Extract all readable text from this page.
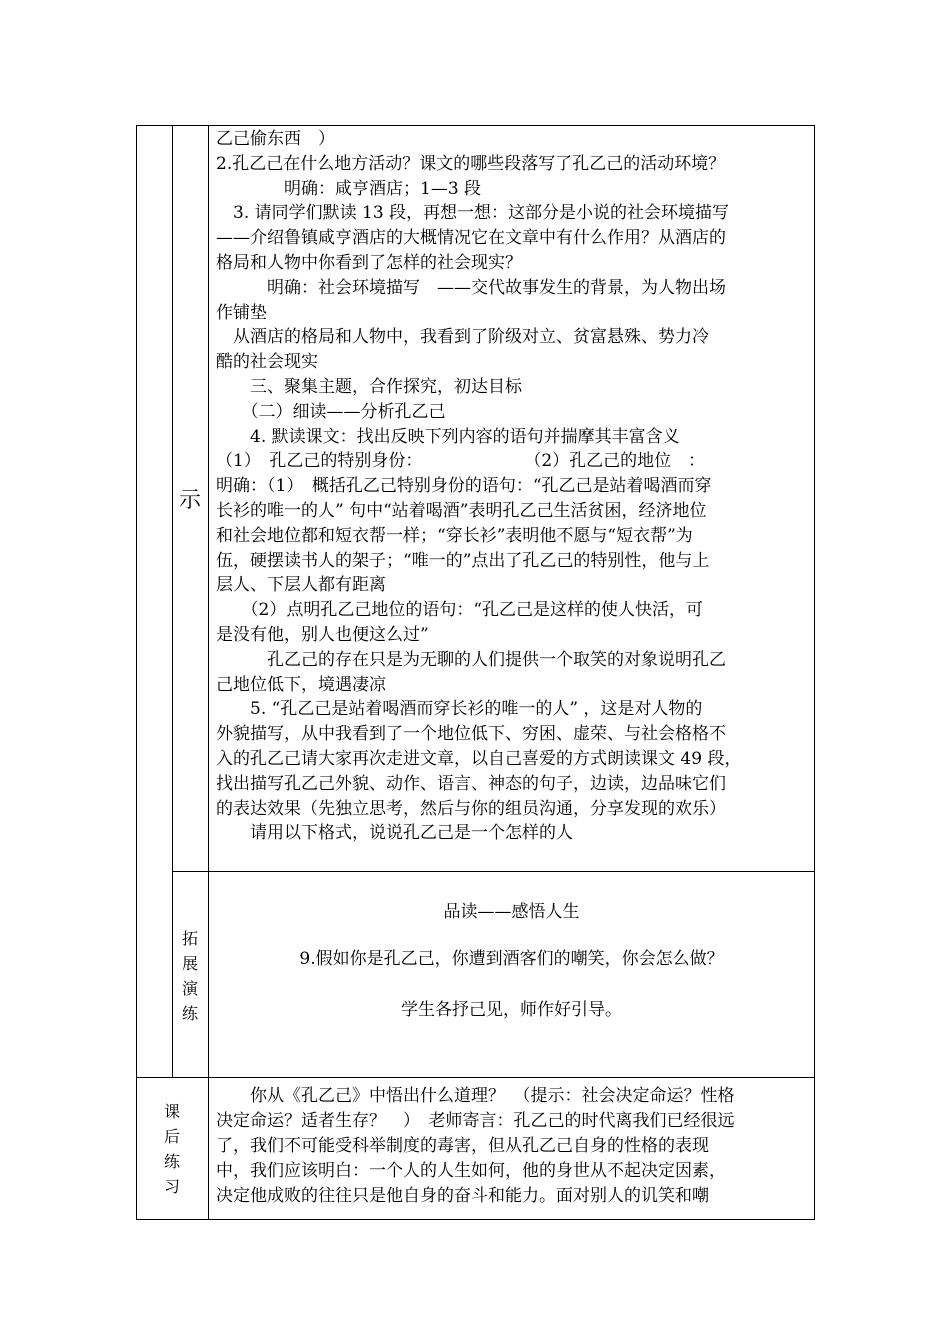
示
乙己偷东西　）
2.孔乙己在什么地方活动？课文的哪些段落写了孔乙己的活动环境？
　　　　明确：咸亨酒店；1—3 段
　3. 请同学们默读 13 段，再想一想：这部分是小说的社会环境描写
——介绍鲁镇咸亨酒店的大概情况它在文章中有什么作用？从酒店的
格局和人物中你看到了怎样的社会现实？
　　　明确：社会环境描写　——交代故事发生的背景，为人物出场
作铺垫
　从酒店的格局和人物中，我看到了阶级对立、贫富悬殊、势力冷
酷的社会现实
　　三、聚集主题，合作探究，初达目标
　　（二）细读——分析孔乙己
　　4. 默读课文：找出反映下列内容的语句并揣摩其丰富含义
（1）　孔乙己的特别身份：　　　　　　　（2）孔乙己的地位　：
明确：（1）　概括孔乙己特别身份的语句：“孔乙己是站着喝酒而穿
长衫的唯一的人” 句中“站着喝酒”表明孔乙己生活贫困，经济地位
和社会地位都和短衣帮一样；“穿长衫”表明他不愿与“短衣帮”为
伍，硬摆读书人的架子；“唯一的”点出了孔乙己的特别性，他与上
层人、下层人都有距离
　　（2）点明孔乙己地位的语句：“孔乙己是这样的使人快活，可
是没有他，别人也便这么过”
　　　孔乙己的存在只是为无聊的人们提供一个取笑的对象说明孔乙
己地位低下，境遇凄凉
　　5. “孔乙己是站着喝酒而穿长衫的唯一的人” ，这是对人物的
外貌描写，从中我看到了一个地位低下、穷困、虚荣、与社会格格不
入的孔乙己请大家再次走进文章，以自己喜爱的方式朗读课文 49 段，
找出描写孔乙己外貌、动作、语言、神态的句子，边读，边品味它们
的表达效果（先独立思考，然后与你的组员沟通，分享发现的欢乐）
　　请用以下格式，说说孔乙己是一个怎样的人
拓
展
演
练
品读——感悟人生
9.假如你是孔乙己，你遭到酒客们的嘲笑，你会怎么做？
学生各抒己见，师作好引导。
课
后
练
习
　　你从《孔乙己》中悟出什么道理？　（提示：社会决定命运？性格
决定命运？适者生存？　）　老师寄言：孔乙己的时代离我们已经很远
了，我们不可能受科举制度的毒害，但从孔乙己自身的性格的表现
中，我们应该明白：一个人的人生如何，他的身世从不起决定因素，
决定他成败的往往只是他自身的奋斗和能力。面对别人的讥笑和嘲
